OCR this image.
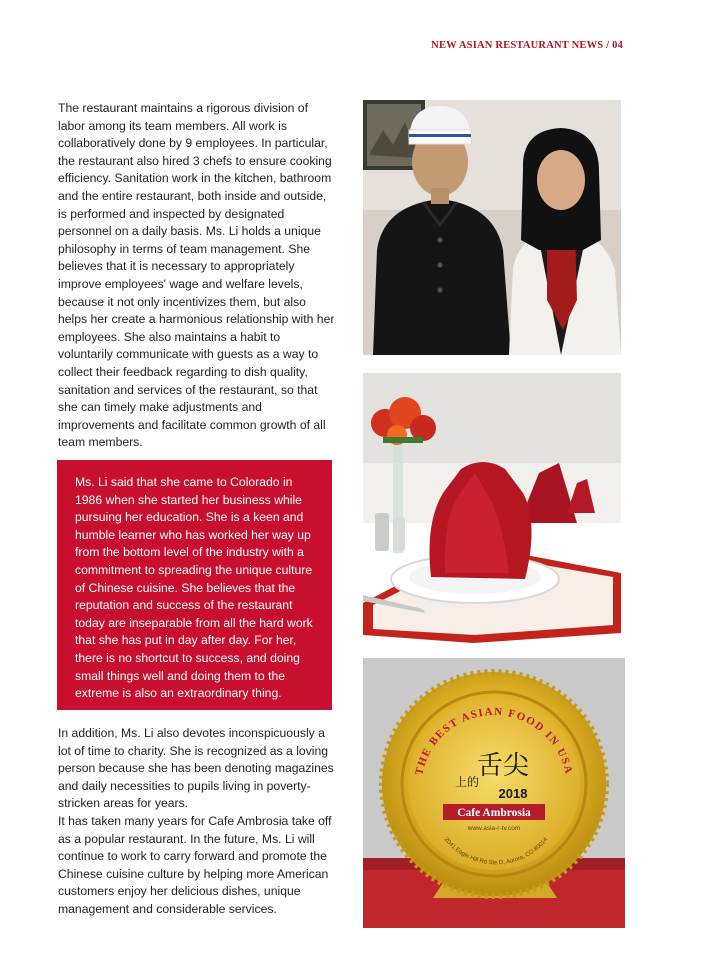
NEW ASIAN RESTAURANT NEWS / 04

The restaurant maintains a rigorous division of labor among its team members. All work is collaboratively done by 9 employees. In particular, the restaurant also hired 3 chefs to ensure cooking efficiency. Sanitation work in the kitchen, bathroom and the entire restaurant, both inside and outside, is performed and inspected by designated personnel on a daily basis. Ms. Li holds a unique philosophy in terms of team management. She believes that it is necessary to appropriately improve employees' wage and welfare levels, because it not only incentivizes them, but also helps her create a harmonious relationship with her employees. She also maintains a habit to voluntarily communicate with guests as a way to collect their feedback regarding to dish quality, sanitation and services of the restaurant, so that she can timely make adjustments and improvements and facilitate common growth of all team members.

Ms. Li said that she came to Colorado in 1986 when she started her business while pursuing her education. She is a keen and humble learner who has worked her way up from the bottom level of the industry with a commitment to spreading the unique culture of Chinese cuisine. She believes that the reputation and success of the restaurant today are inseparable from all the hard work that she has put in day after day. For her, there is no shortcut to success, and doing small things well and doing them to the extreme is also an extraordinary thing.

In addition, Ms. Li also devotes inconspicuously a lot of time to charity. She is recognized as a loving person because she has been denoting magazines and daily necessities to pupils living in poverty-stricken areas for years.
It has taken many years for Cafe Ambrosia take off as a popular restaurant. In the future, Ms. Li will continue to work to carry forward and promote the Chinese cuisine culture by helping more American customers enjoy her delicious dishes, unique management and considerable services.

THE BEST ASIAN FOOD IN USA
舌尖
上的
2018
Cafe Ambrosia
www.asia-r-tv.com
2041 Eagle Hill Rd Ste D, Aurora, CO 80014
